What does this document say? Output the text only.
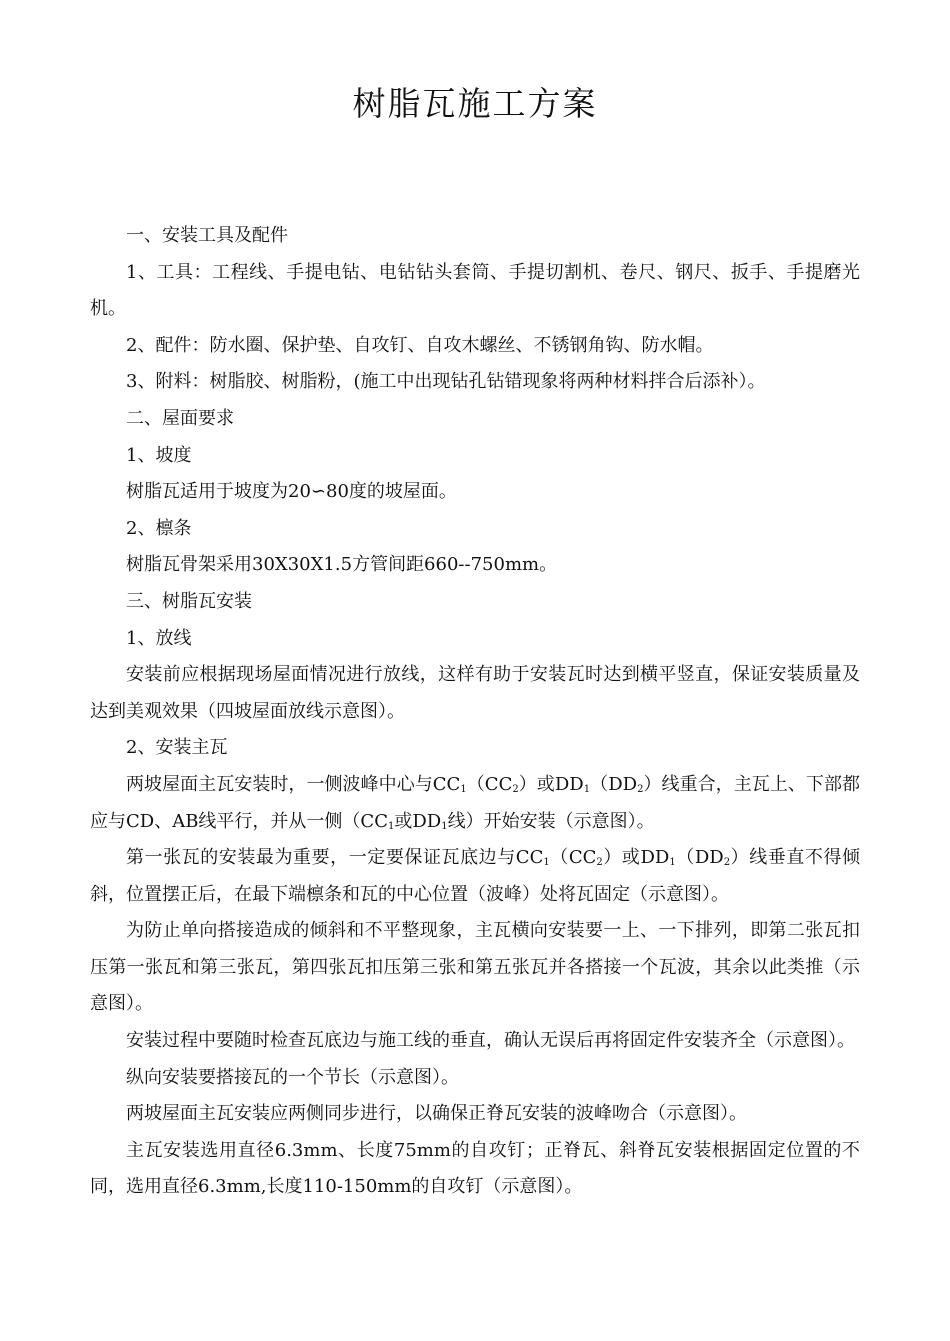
树脂瓦施工方案

一、安装工具及配件

1、工具：工程线、手提电钻、电钻钻头套筒、手提切割机、卷尺、钢尺、扳手、手提磨光机。

2、配件：防水圈、保护垫、自攻钉、自攻木螺丝、不锈钢角钩、防水帽。

3、附料：树脂胶、树脂粉，(施工中出现钻孔钻错现象将两种材料拌合后添补）。

二、屋面要求

1、坡度

树脂瓦适用于坡度为20∽80度的坡屋面。

2、檩条

树脂瓦骨架采用30X30X1.5方管间距660--750mm。

三、树脂瓦安装

1、放线

安装前应根据现场屋面情况进行放线，这样有助于安装瓦时达到横平竖直，保证安装质量及达到美观效果（四坡屋面放线示意图）。

2、安装主瓦

两坡屋面主瓦安装时，一侧波峰中心与$CC_1(CC_2)$或$DD_1(DD_2)$线重合，主瓦上、下部都应与CD、AB线平行，并从一侧（$CC_1$或$DD_1$线）开始安装（示意图）。

第一张瓦的安装最为重要，一定要保证瓦底边与$CC_1(CC_2)$或$DD_1(DD_2)$线垂直不得倾斜，位置摆正后，在最下端檩条和瓦的中心位置（波峰）处将瓦固定（示意图）。

为防止单向搭接造成的倾斜和不平整现象，主瓦横向安装要一上、一下排列，即第二张瓦扣压第一张瓦和第三张瓦，第四张瓦扣压第三张和第五张瓦并各搭接一个瓦波，其余以此类推（示意图）。

安装过程中要随时检查瓦底边与施工线的垂直，确认无误后再将固定件安装齐全（示意图）。

纵向安装要搭接瓦的一个节长（示意图）。

两坡屋面主瓦安装应两侧同步进行，以确保正脊瓦安装的波峰吻合（示意图）。

主瓦安装选用直径6.3mm、长度75mm的自攻钉；正脊瓦、斜脊瓦安装根据固定位置的不同，选用直径6.3mm,长度110-150mm的自攻钉（示意图）。
